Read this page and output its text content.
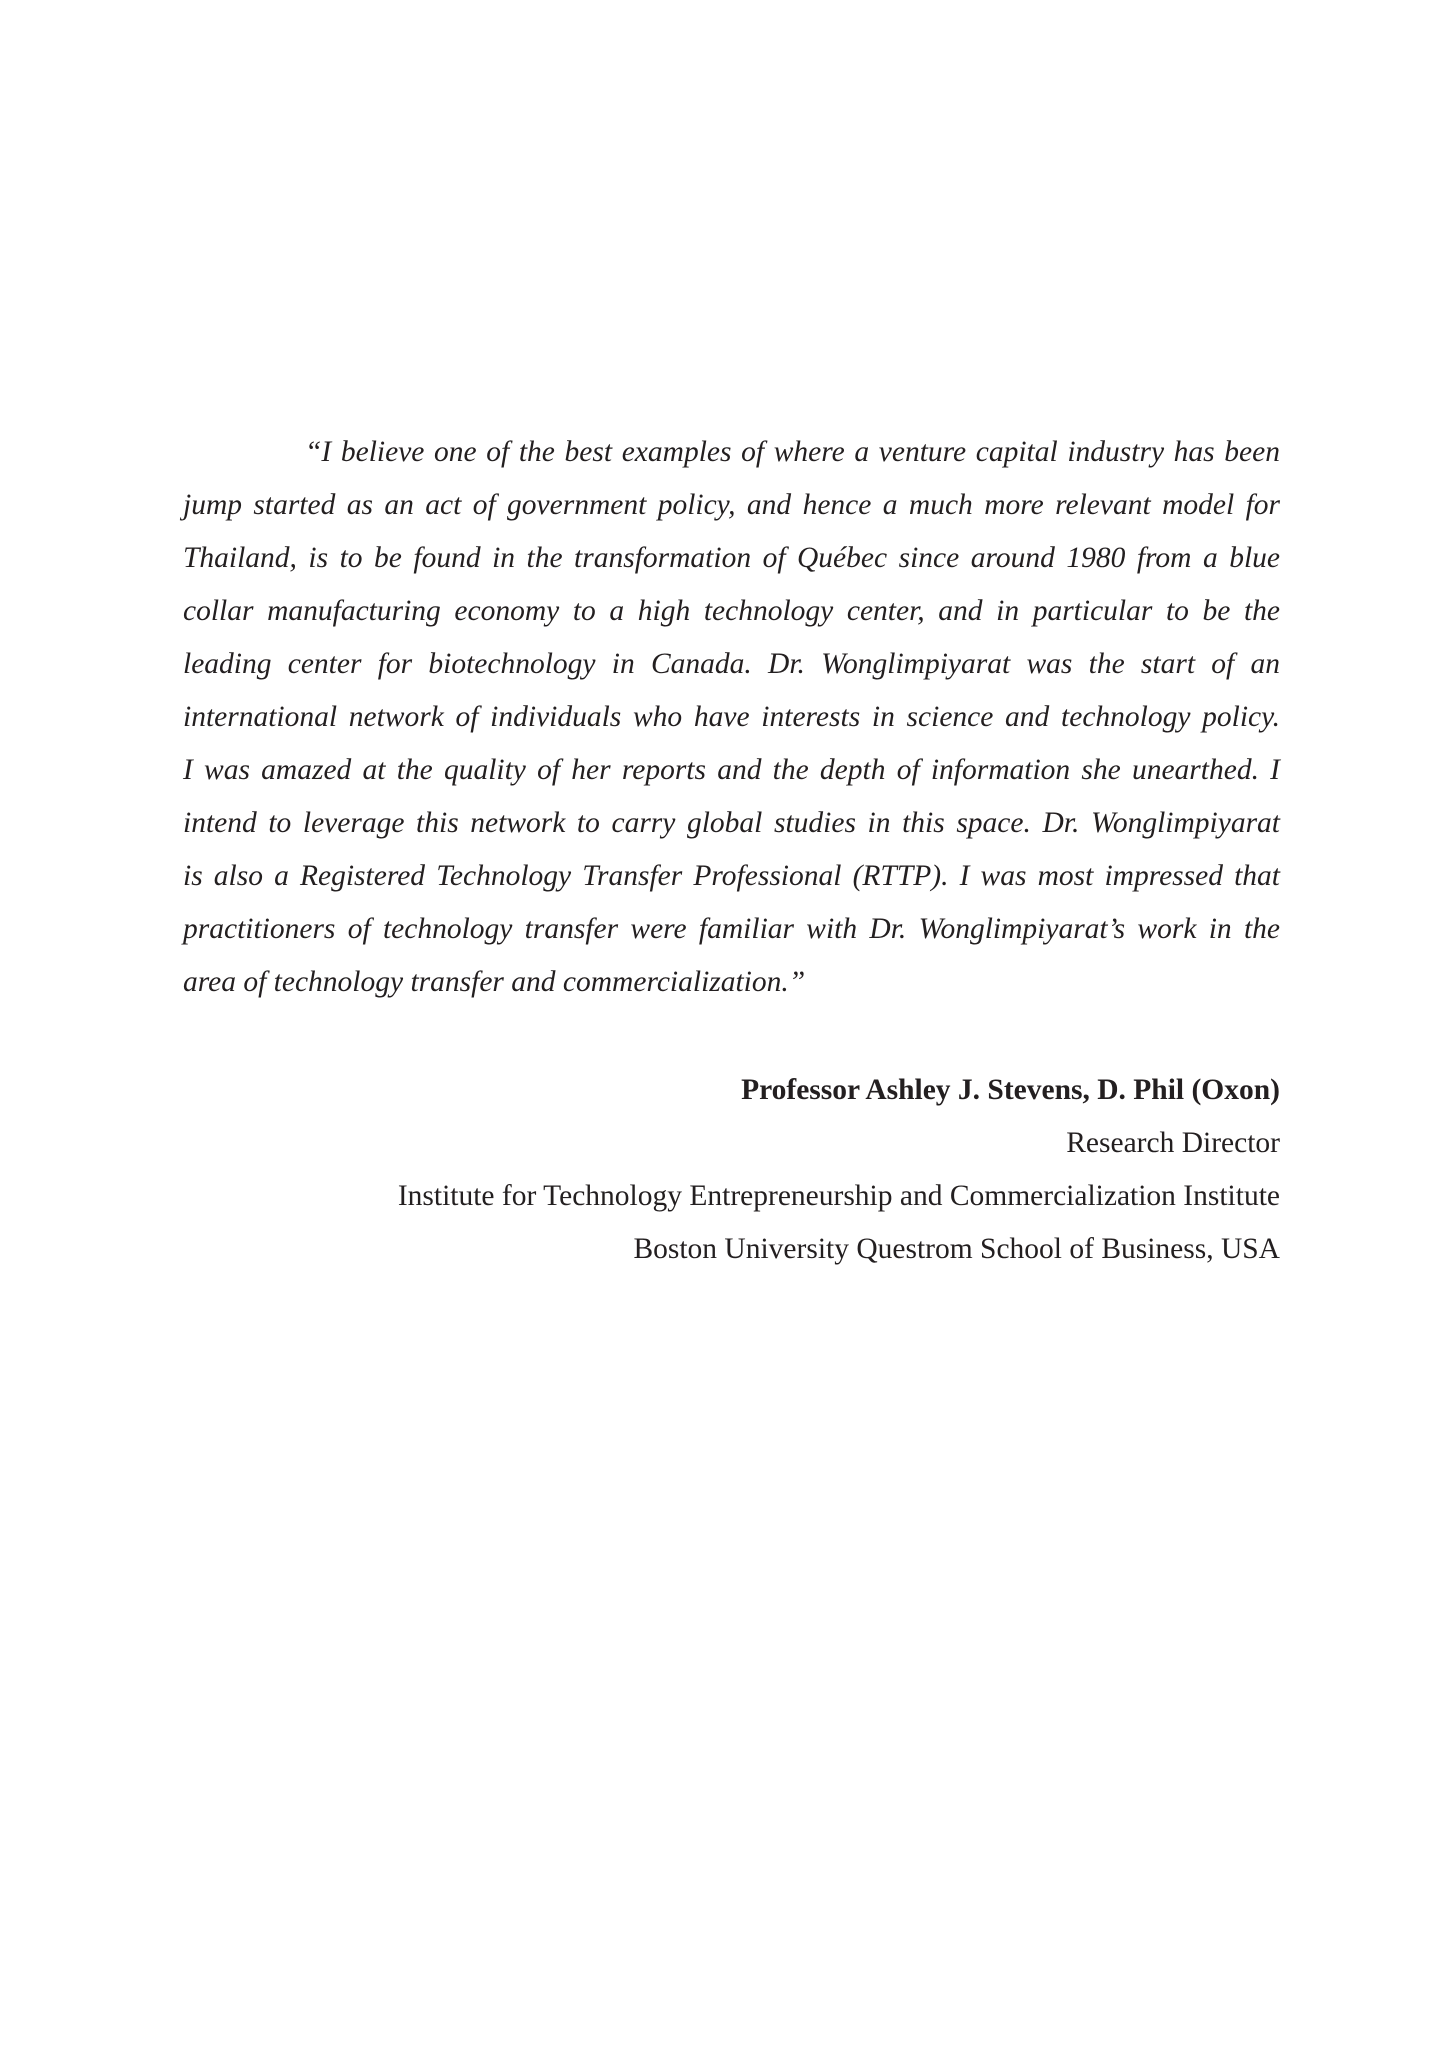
“I believe one of the best examples of where a venture capital industry has been
jump started as an act of government policy, and hence a much more relevant model for
Thailand, is to be found in the transformation of Québec since around 1980 from a blue
collar manufacturing economy to a high technology center, and in particular to be the
leading center for biotechnology in Canada. Dr. Wonglimpiyarat was the start of an
international network of individuals who have interests in science and technology policy.
I was amazed at the quality of her reports and the depth of information she unearthed. I
intend to leverage this network to carry global studies in this space. Dr. Wonglimpiyarat
is also a Registered Technology Transfer Professional (RTTP). I was most impressed that
practitioners of technology transfer were familiar with Dr. Wonglimpiyarat’s work in the
area of technology transfer and commercialization.”
Professor Ashley J. Stevens, D. Phil (Oxon)
Research Director
Institute for Technology Entrepreneurship and Commercialization Institute
Boston University Questrom School of Business, USA
